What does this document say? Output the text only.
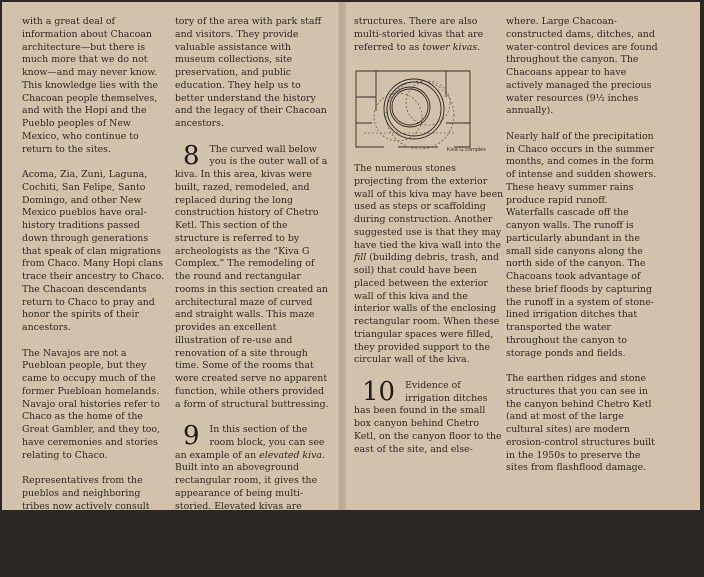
with a great deal of information about Chacoan architecture—but there is much more that we do not know—and may never know. This knowledge lies with the Chacoan people themselves, and with the Hopi and the Pueblo peoples of New Mexico, who continue to return to the sites.

Acoma, Zia, Zuni, Laguna, Cochiti, San Felipe, Santo Domingo, and other New Mexico pueblos have oral-history traditions passed down through generations that speak of clan migrations from Chaco. Many Hopi clans trace their ancestry to Chaco. The Chacoan descendants return to Chaco to pray and honor the spirits of their ancestors.

The Navajos are not a Puebloan people, but they came to occupy much of the former Puebloan homelands. Navajo oral histories refer to Chaco as the home of the Great Gambler, and they too, have ceremonies and stories relating to Chaco.

Representatives from the pueblos and neighboring tribes now actively consult with the park on important management issues. They share their knowledge and his-

tory of the area with park staff and visitors. They provide valuable assistance with museum collections, site preservation, and public education. They help us to better understand the history and the legacy of their Chacoan ancestors.

8 The curved wall below you is the outer wall of a kiva. In this area, kivas were built, razed, remodeled, and replaced during the long construction history of Chetro Ketl. This section of the structure is referred to by archeologists as the “Kiva G Complex.” The remodeling of the round and rectangular rooms in this section created an architectural maze of curved and straight walls. This maze provides an excellent illustration of re-use and renovation of a site through time. Some of the rooms that were created serve no apparent function, while others provided a form of structural buttressing.

9 In this section of the room block, you can see an example of an elevated kiva. Built into an aboveground rectangular room, it gives the appearance of being multi-storied. Elevated kivas are single-story

structures. There are also multi-storied kivas that are referred to as tower kivas.

Kiva G complex

The numerous stones projecting from the exterior wall of this kiva may have been used as steps or scaffolding during construction. Another suggested use is that they may have tied the kiva wall into the fill (building debris, trash, and soil) that could have been placed between the exterior wall of this kiva and the interior walls of the enclosing rectangular room. When these triangular spaces were filled, they provided support to the circular wall of the kiva.

10 Evidence of irrigation ditches has been found in the small box canyon behind Chetro Ketl, on the canyon floor to the east of the site, and else-

where. Large Chacoan-constructed dams, ditches, and water-control devices are found throughout the canyon. The Chacoans appear to have actively managed the precious water resources (9½ inches annually).

Nearly half of the precipitation in Chaco occurs in the summer months, and comes in the form of intense and sudden showers. These heavy summer rains produce rapid runoff. Waterfalls cascade off the canyon walls. The runoff is particularly abundant in the small side canyons along the north side of the canyon. The Chacoans took advantage of these brief floods by capturing the runoff in a system of stone-lined irrigation ditches that transported the water throughout the canyon to storage ponds and fields.

The earthen ridges and stone structures that you can see in the canyon behind Chetro Ketl (and at most of the large cultural sites) are modern erosion-control structures built in the 1950s to preserve the sites from flashflood damage.
